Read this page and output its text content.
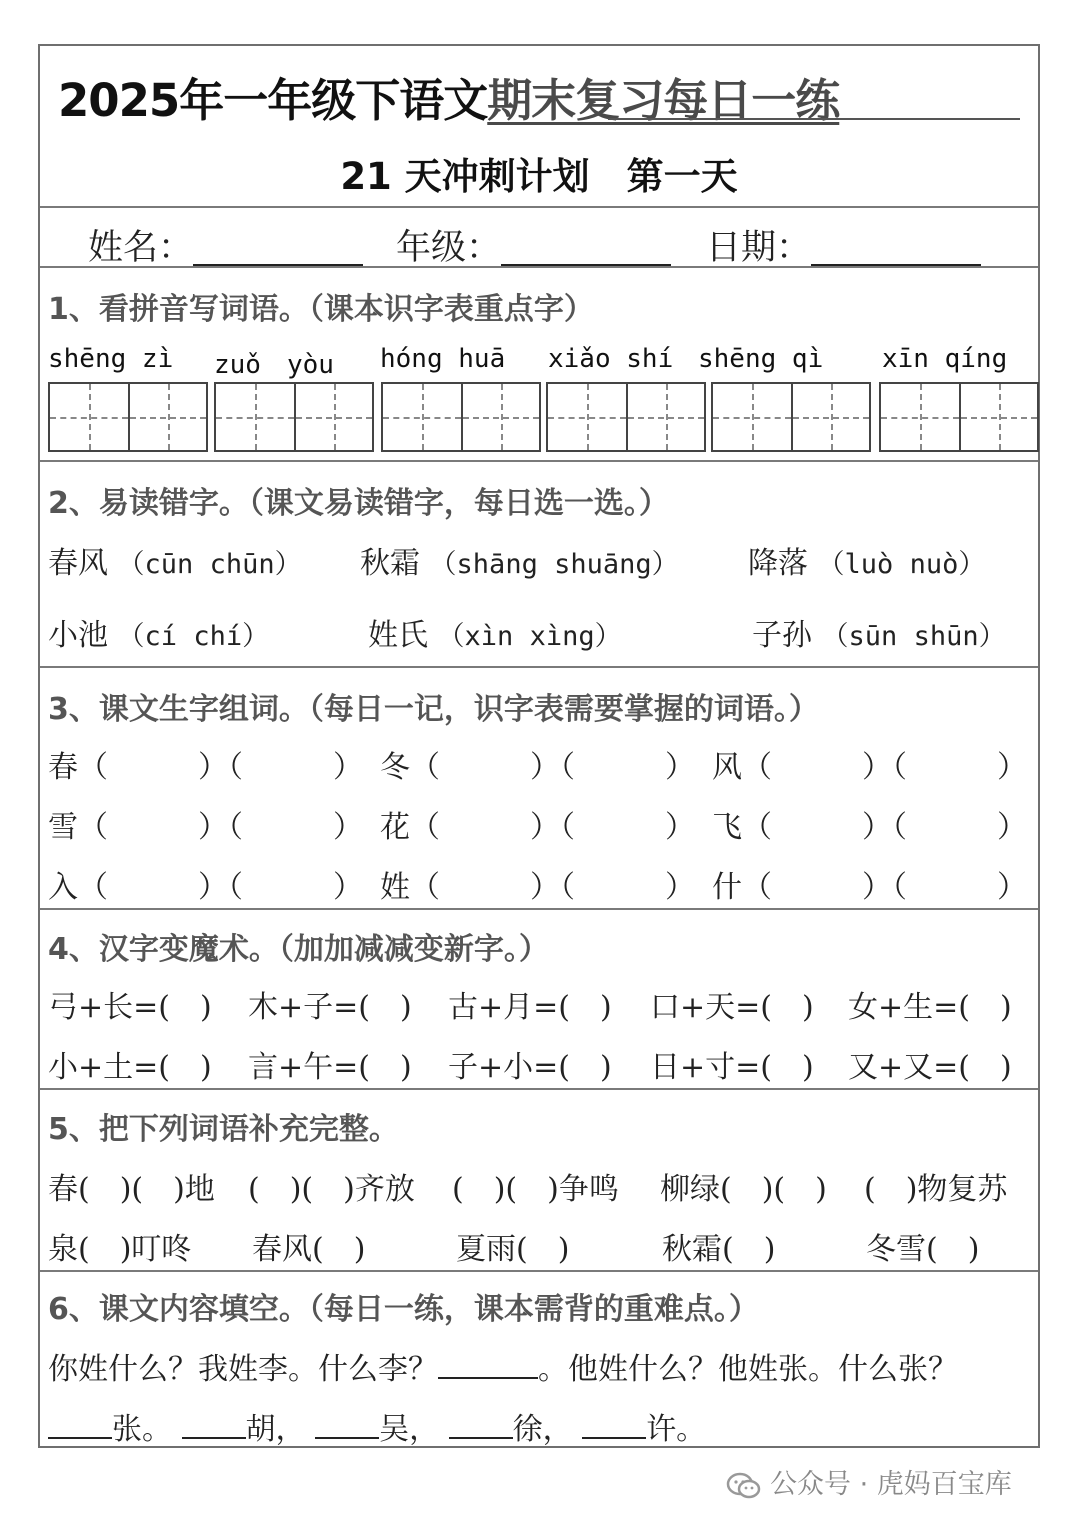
2025年一年级下语文期末复习每日一练
21 天冲刺计划　第一天
姓名：	年级：	日期：
1、看拼音写词语。（课本识字表重点字）
shēng zì zuǒ　yòu hóng huā xiǎo shí shēng qì xīn qíng
2、易读错字。（课文易读错字，每日选一选。）
春风 （cūn chūn） 秋霜 （shāng shuāng） 降落 （luò nuò）
小池 （cí chí）	姓氏 （xìn xìng）	子孙 （sūn shūn）
3、课文生字组词。（每日一记，识字表需要掌握的词语。）
春（　　　）（　　　） 冬（　　　）（　　　） 风（　　　）（　　　）
雪（　　　）（　　　） 花（　　　）（　　　） 飞（　　　）（　　　）
入（　　　）（　　　） 姓（　　　）（　　　） 什（　　　）（　　　）
4、汉字变魔术。（加加减减变新字。）
弓+长=(　) 木+子=(　) 古+月=(　) 口+天=(　) 女+生=(　)
小+土=(　) 言+午=(　) 子+小=(　) 日+寸=(　) 又+又=(　)
5、把下列词语补充完整。
春(　)(　)地 (　)(　)齐放 (　)(　)争鸣 柳绿(　)(　) (　)物复苏
泉(　)叮咚 春风(　)	夏雨(　)	秋霜(　)	冬雪(　)
6、课文内容填空。（每日一练，课本需背的重难点。）
你姓什么？我姓李。什么李？	。他姓什么？他姓张。什么张？
张。 胡， 吴， 徐， 许。
公众号 · 虎妈百宝库
